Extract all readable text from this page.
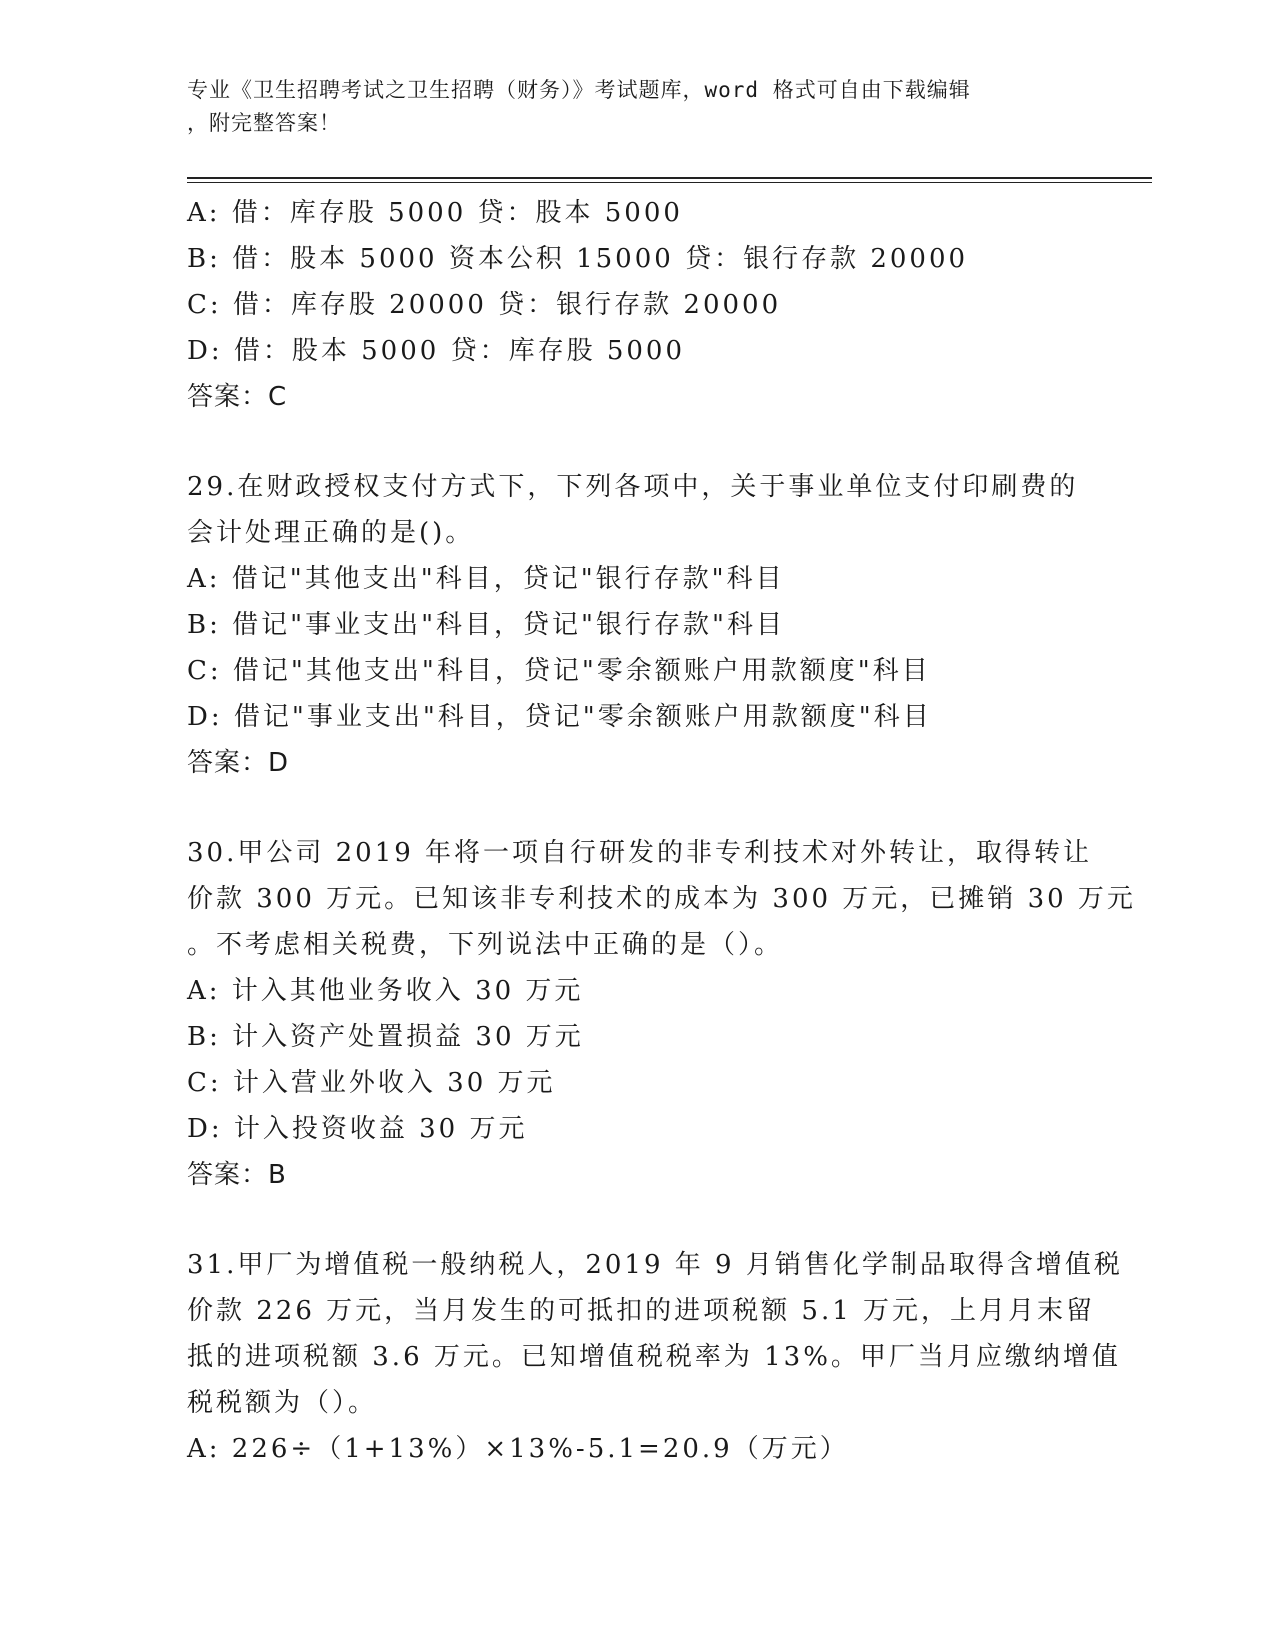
专业《卫生招聘考试之卫生招聘（财务）》考试题库，word 格式可自由下载编辑
，附完整答案！
A: 借：库存股 5000 贷：股本 5000
B: 借：股本 5000 资本公积 15000 贷：银行存款 20000
C: 借：库存股 20000 贷：银行存款 20000
D: 借：股本 5000 贷：库存股 5000
答案：C
29.在财政授权支付方式下，下列各项中，关于事业单位支付印刷费的
会计处理正确的是()。
A: 借记"其他支出"科目，贷记"银行存款"科目
B: 借记"事业支出"科目，贷记"银行存款"科目
C: 借记"其他支出"科目，贷记"零余额账户用款额度"科目
D: 借记"事业支出"科目，贷记"零余额账户用款额度"科目
答案：D
30.甲公司 2019 年将一项自行研发的非专利技术对外转让，取得转让
价款 300 万元。已知该非专利技术的成本为 300 万元，已摊销 30 万元
。不考虑相关税费，下列说法中正确的是（）。
A: 计入其他业务收入 30 万元
B: 计入资产处置损益 30 万元
C: 计入营业外收入 30 万元
D: 计入投资收益 30 万元
答案：B
31.甲厂为增值税一般纳税人，2019 年 9 月销售化学制品取得含增值税
价款 226 万元，当月发生的可抵扣的进项税额 5.1 万元，上月月末留
抵的进项税额 3.6 万元。已知增值税税率为 13%。甲厂当月应缴纳增值
税税额为（）。
A: 226÷（1+13%）×13%-5.1=20.9（万元）
